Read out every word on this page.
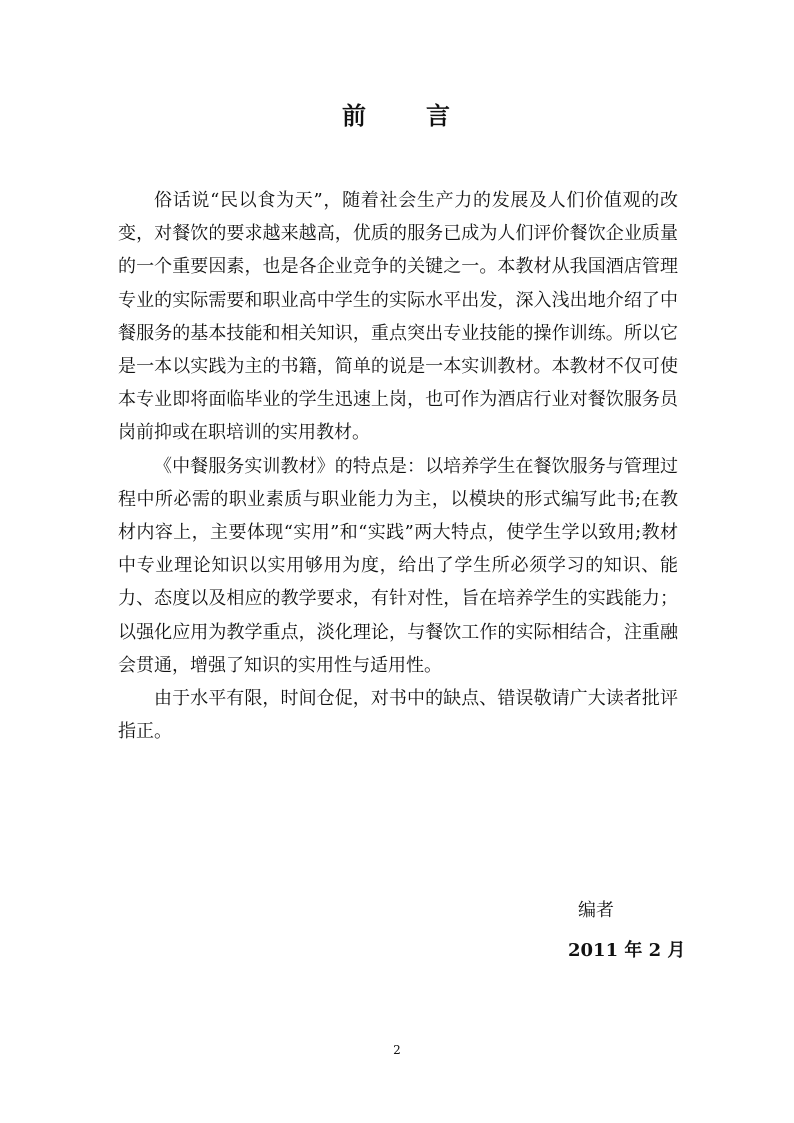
前 言

俗话说“民以食为天”，随着社会生产力的发展及人们价值观的改变，对餐饮的要求越来越高，优质的服务已成为人们评价餐饮企业质量的一个重要因素，也是各企业竞争的关键之一。本教材从我国酒店管理专业的实际需要和职业高中学生的实际水平出发，深入浅出地介绍了中餐服务的基本技能和相关知识，重点突出专业技能的操作训练。所以它是一本以实践为主的书籍，简单的说是一本实训教材。本教材不仅可使本专业即将面临毕业的学生迅速上岗，也可作为酒店行业对餐饮服务员岗前抑或在职培训的实用教材。

《中餐服务实训教材》的特点是：以培养学生在餐饮服务与管理过程中所必需的职业素质与职业能力为主，以模块的形式编写此书;在教材内容上，主要体现“实用”和“实践”两大特点，使学生学以致用;教材中专业理论知识以实用够用为度，给出了学生所必须学习的知识、能力、态度以及相应的教学要求，有针对性，旨在培养学生的实践能力；以强化应用为教学重点，淡化理论，与餐饮工作的实际相结合，注重融会贯通，增强了知识的实用性与适用性。

由于水平有限，时间仓促，对书中的缺点、错误敬请广大读者批评指正。

编者
2011 年 2 月
2
